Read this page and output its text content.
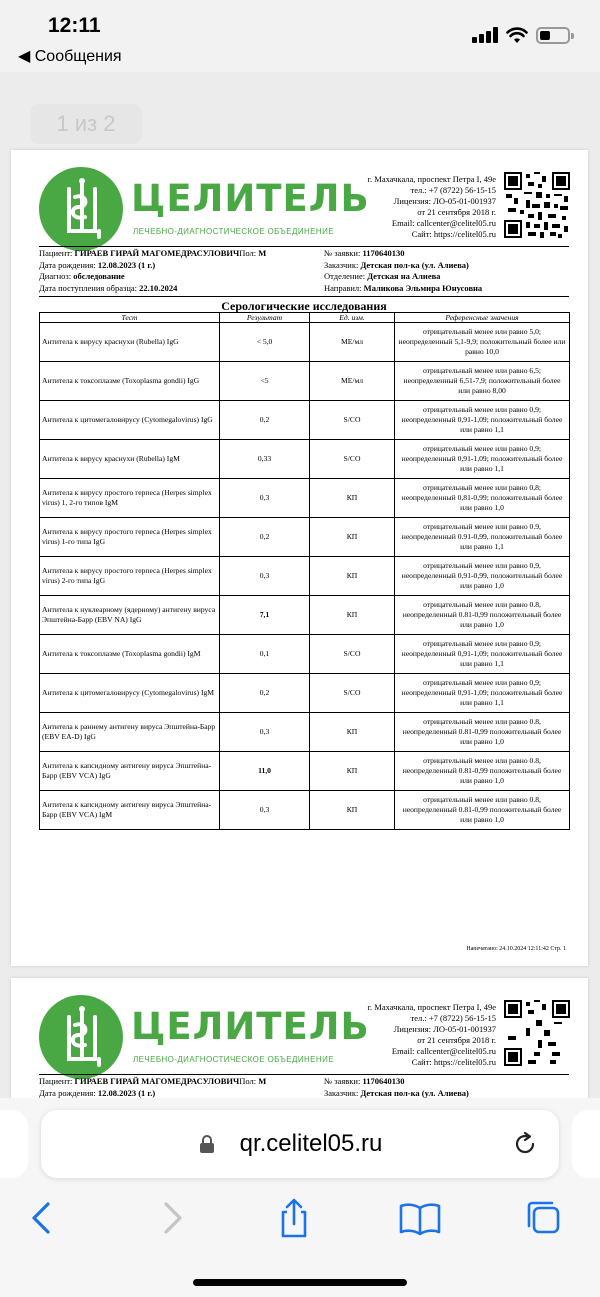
12:11
◀ Сообщения
1 из 2
ЦЕЛИТЕЛЬ
ЛЕЧЕБНО-ДИАГНОСТИЧЕСКОЕ ОБЪЕДИНЕНИЕ
г. Махачкала, проспект Петра I, 49е
тел.: +7 (8722) 56-15-15
Лицензия: ЛО-05-01-001937
от 21 сентября 2018 г.
Email: callcenter@celitel05.ru
Сайт: https://celitel05.ru
Пациент: ГИРАЕВ ГИРАЙ МАГОМЕДРАСУЛОВИЧПол: М
Дата рождения: 12.08.2023 (1 г.)
Диагноз: обследование
Дата поступления образца: 22.10.2024
№ заявки: 1170640130
Заказчик: Детская пол-ка (ул. Алиева)
Отделение: Детская на Алиева
Направил: Маликова Эльмира Юнусовна
Серологические исследования
Тест	Результат	Ед. изм.	Референсные значения
Антитела к вирусу краснухи (Rubella) IgG	< 5,0	МЕ/мл	отрицательный менее или равно 5,0; неопределенный 5,1-9,9; положительный более или равно 10,0
Антитела к токсоплазме (Toxoplasma gondii) IgG	<5	МЕ/мл	отрицательный менее или равно 6,5; неопределенный 6,51-7,9; положительный более или равно 8,00
Антитела к цитомегаловирусу (Cytomegalovirus) IgG	0,2	S/CO	отрицательный менее или равно 0,9; неопределенный 0,91-1,09; положительный более или равно 1,1
Антитела к вирусу краснухи (Rubella) IgM	0,33	S/CO	отрицательный менее или равно 0,9; неопределенный 0,91-1,09; положительный более или равно 1,1
Антитела к вирусу простого герпеса (Herpes simplex virus) 1, 2-го типов IgM	0,3	КП	отрицательный менее или равно 0,8; неопределенный 0,81-0,99; положительный более или равно 1,0
Антитела к вирусу простого герпеса (Herpes simplex virus) 1-го типа IgG	0,2	КП	отрицательный менее или равно 0.9, неопределенный 0.91-0,99, положительный более или равно 1,1
Антитела к вирусу простого герпеса (Herpes simplex virus) 2-го типа IgG	0,3	КП	отрицательный менее или равно 0,9, неопределенный 0,91-0,99, положительный более или равно 1,0
Антитела к нуклеарному (ядерному) антигену вируса Эпштейна-Барр (EBV NA) IgG	7,1	КП	отрицательный менее или равно 0.8, неопределенный 0.81-0,99 положительный более или равно 1,0
Антитела к токсоплазме (Toxoplasma gondii) IgM	0,1	S/CO	отрицательный менее или равно 0,9; неопределенный 0,91-1,09; положительный более или равно 1,1
Антитела к цитомегаловирусу (Cytomegalovirus) IgM	0,2	S/CO	отрицательный менее или равно 0,9; неопределенный 0,91-1,09; положительный более или равно 1,1
Антитела к раннему антигену вируса Эпштейна-Барр (EBV EA-D) IgG	0,3	КП	отрицательный менее или равно 0.8, неопределенный 0.81-0,99 положительный более или равно 1,0
Антитела к капсидному антигену вируса Эпштейна-Барр (EBV VCA) IgG	11,0	КП	отрицательный менее или равно 0.8, неопределенный 0.81-0,99 положительный более или равно 1,0
Антитела к капсидному антигену вируса Эпштейна-Барр (EBV VCA) IgM	0,3	КП	отрицательный менее или равно 0.8, неопределенный 0.81-0,99 положительный более или равно 1,0
Напечатано: 24.10.2024 12:11:42 Стр. 1
ЦЕЛИТЕЛЬ
ЛЕЧЕБНО-ДИАГНОСТИЧЕСКОЕ ОБЪЕДИНЕНИЕ
г. Махачкала, проспект Петра I, 49е
тел.: +7 (8722) 56-15-15
Лицензия: ЛО-05-01-001937
от 21 сентября 2018 г.
Email: callcenter@celitel05.ru
Сайт: https://celitel05.ru
Пациент: ГИРАЕВ ГИРАЙ МАГОМЕДРАСУЛОВИЧПол: М
Дата рождения: 12.08.2023 (1 г.)
№ заявки: 1170640130
Заказчик: Детская пол-ка (ул. Алиева)
qr.celitel05.ru
